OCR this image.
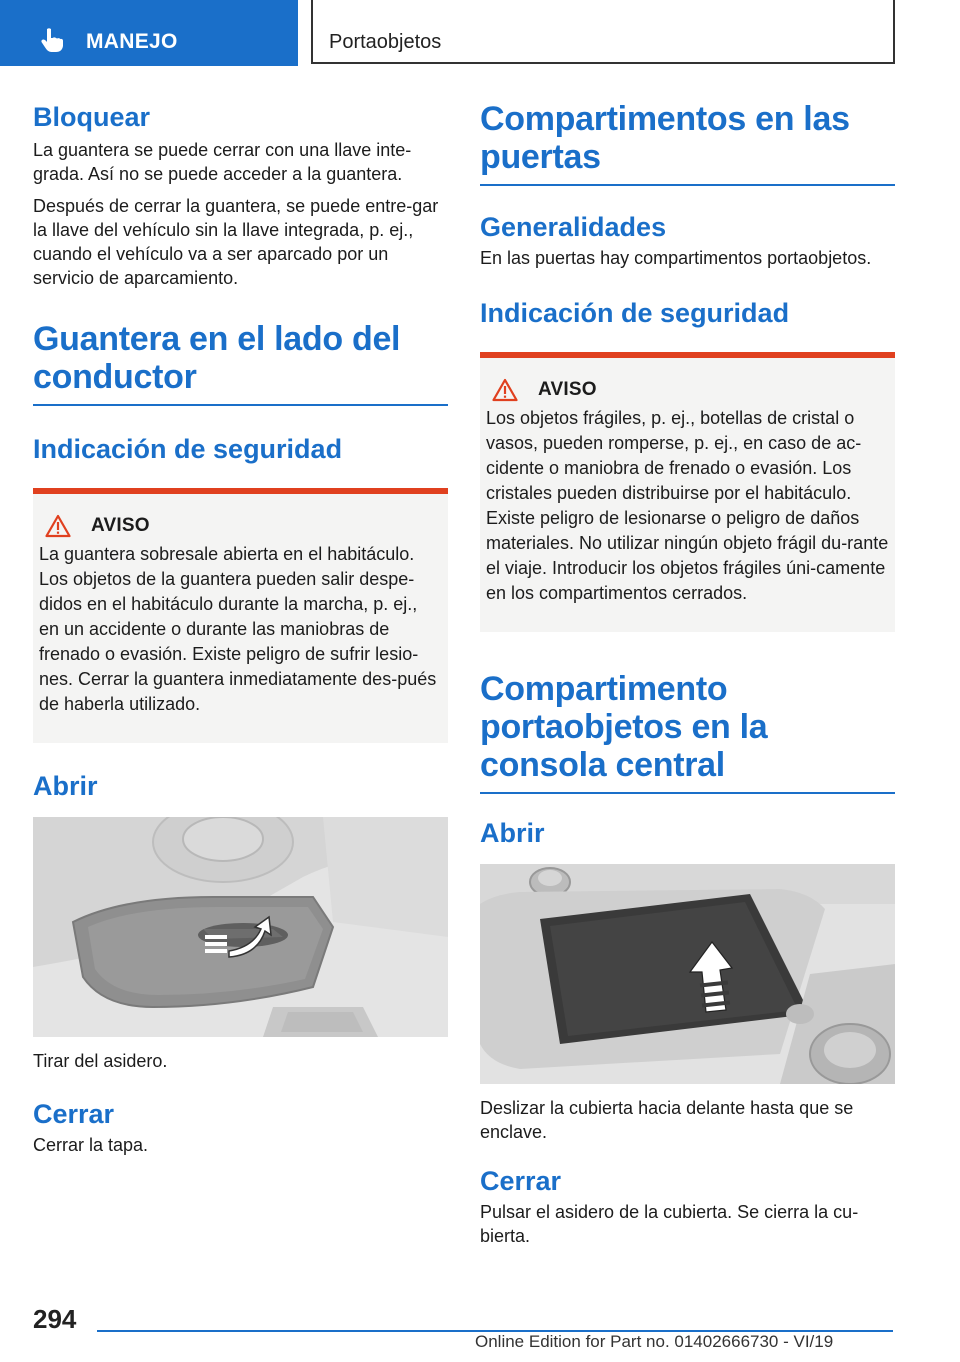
MANEJO	Portaobjetos
Bloquear

La guantera se puede cerrar con una llave inte-grada. Así no se puede acceder a la guantera.

Después de cerrar la guantera, se puede entre-gar la llave del vehículo sin la llave integrada, p. ej., cuando el vehículo va a ser aparcado por un servicio de aparcamiento.

Guantera en el lado del conductor
Indicación de seguridad
AVISO

La guantera sobresale abierta en el habitáculo. Los objetos de la guantera pueden salir despe-didos en el habitáculo durante la marcha, p. ej., en un accidente o durante las maniobras de frenado o evasión. Existe peligro de sufrir lesio-nes. Cerrar la guantera inmediatamente des-pués de haberla utilizado.

Abrir

Tirar del asidero.

Cerrar

Cerrar la tapa.

Compartimentos en las puertas
Generalidades

En las puertas hay compartimentos portaobjetos.

Indicación de seguridad
AVISO

Los objetos frágiles, p. ej., botellas de cristal o vasos, pueden romperse, p. ej., en caso de ac-cidente o maniobra de frenado o evasión. Los cristales pueden distribuirse por el habitáculo. Existe peligro de lesionarse o peligro de daños materiales. No utilizar ningún objeto frágil du-rante el viaje. Introducir los objetos frágiles úni-camente en los compartimentos cerrados.

Compartimento portaobjetos en la consola central
Abrir

Deslizar la cubierta hacia delante hasta que se enclave.

Cerrar

Pulsar el asidero de la cubierta. Se cierra la cu-bierta.

294
Online Edition for Part no. 01402666730 - VI/19
